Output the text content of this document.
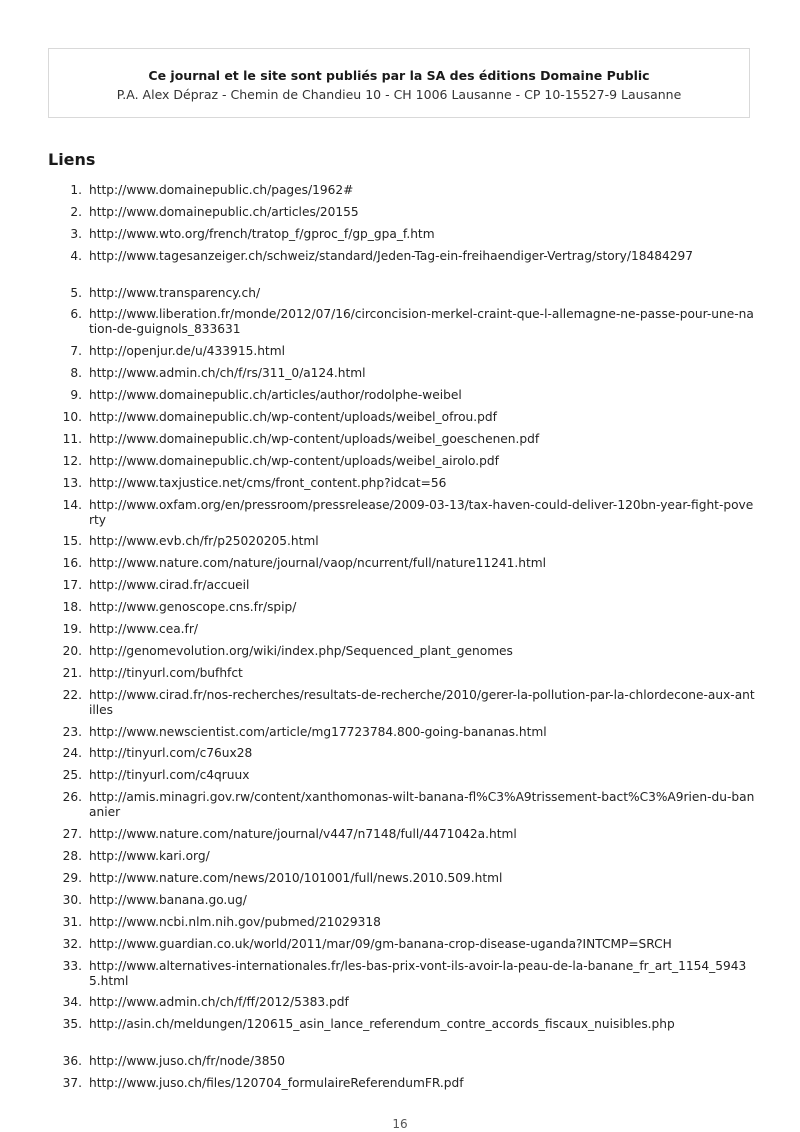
Ce journal et le site sont publiés par la SA des éditions Domaine Public
P.A. Alex Dépraz - Chemin de Chandieu 10 - CH 1006 Lausanne - CP 10-15527-9 Lausanne
Liens
1. http://www.domainepublic.ch/pages/1962#
2. http://www.domainepublic.ch/articles/20155
3. http://www.wto.org/french/tratop_f/gproc_f/gp_gpa_f.htm
4. http://www.tagesanzeiger.ch/schweiz/standard/Jeden-Tag-ein-freihaendiger-Vertrag/story/18484297
5. http://www.transparency.ch/
6. http://www.liberation.fr/monde/2012/07/16/circoncision-merkel-craint-que-l-allemagne-ne-passe-pour-une-nation-de-guignols_833631
7. http://openjur.de/u/433915.html
8. http://www.admin.ch/ch/f/rs/311_0/a124.html
9. http://www.domainepublic.ch/articles/author/rodolphe-weibel
10. http://www.domainepublic.ch/wp-content/uploads/weibel_ofrou.pdf
11. http://www.domainepublic.ch/wp-content/uploads/weibel_goeschenen.pdf
12. http://www.domainepublic.ch/wp-content/uploads/weibel_airolo.pdf
13. http://www.taxjustice.net/cms/front_content.php?idcat=56
14. http://www.oxfam.org/en/pressroom/pressrelease/2009-03-13/tax-haven-could-deliver-120bn-year-fight-poverty
15. http://www.evb.ch/fr/p25020205.html
16. http://www.nature.com/nature/journal/vaop/ncurrent/full/nature11241.html
17. http://www.cirad.fr/accueil
18. http://www.genoscope.cns.fr/spip/
19. http://www.cea.fr/
20. http://genomevolution.org/wiki/index.php/Sequenced_plant_genomes
21. http://tinyurl.com/bufhfct
22. http://www.cirad.fr/nos-recherches/resultats-de-recherche/2010/gerer-la-pollution-par-la-chlordecone-aux-antilles
23. http://www.newscientist.com/article/mg17723784.800-going-bananas.html
24. http://tinyurl.com/c76ux28
25. http://tinyurl.com/c4qruux
26. http://amis.minagri.gov.rw/content/xanthomonas-wilt-banana-fl%C3%A9trissement-bact%C3%A9rien-du-bananier
27. http://www.nature.com/nature/journal/v447/n7148/full/4471042a.html
28. http://www.kari.org/
29. http://www.nature.com/news/2010/101001/full/news.2010.509.html
30. http://www.banana.go.ug/
31. http://www.ncbi.nlm.nih.gov/pubmed/21029318
32. http://www.guardian.co.uk/world/2011/mar/09/gm-banana-crop-disease-uganda?INTCMP=SRCH
33. http://www.alternatives-internationales.fr/les-bas-prix-vont-ils-avoir-la-peau-de-la-banane_fr_art_1154_59435.html
34. http://www.admin.ch/ch/f/ff/2012/5383.pdf
35. http://asin.ch/meldungen/120615_asin_lance_referendum_contre_accords_fiscaux_nuisibles.php
36. http://www.juso.ch/fr/node/3850
37. http://www.juso.ch/files/120704_formulaireReferendumFR.pdf
16
